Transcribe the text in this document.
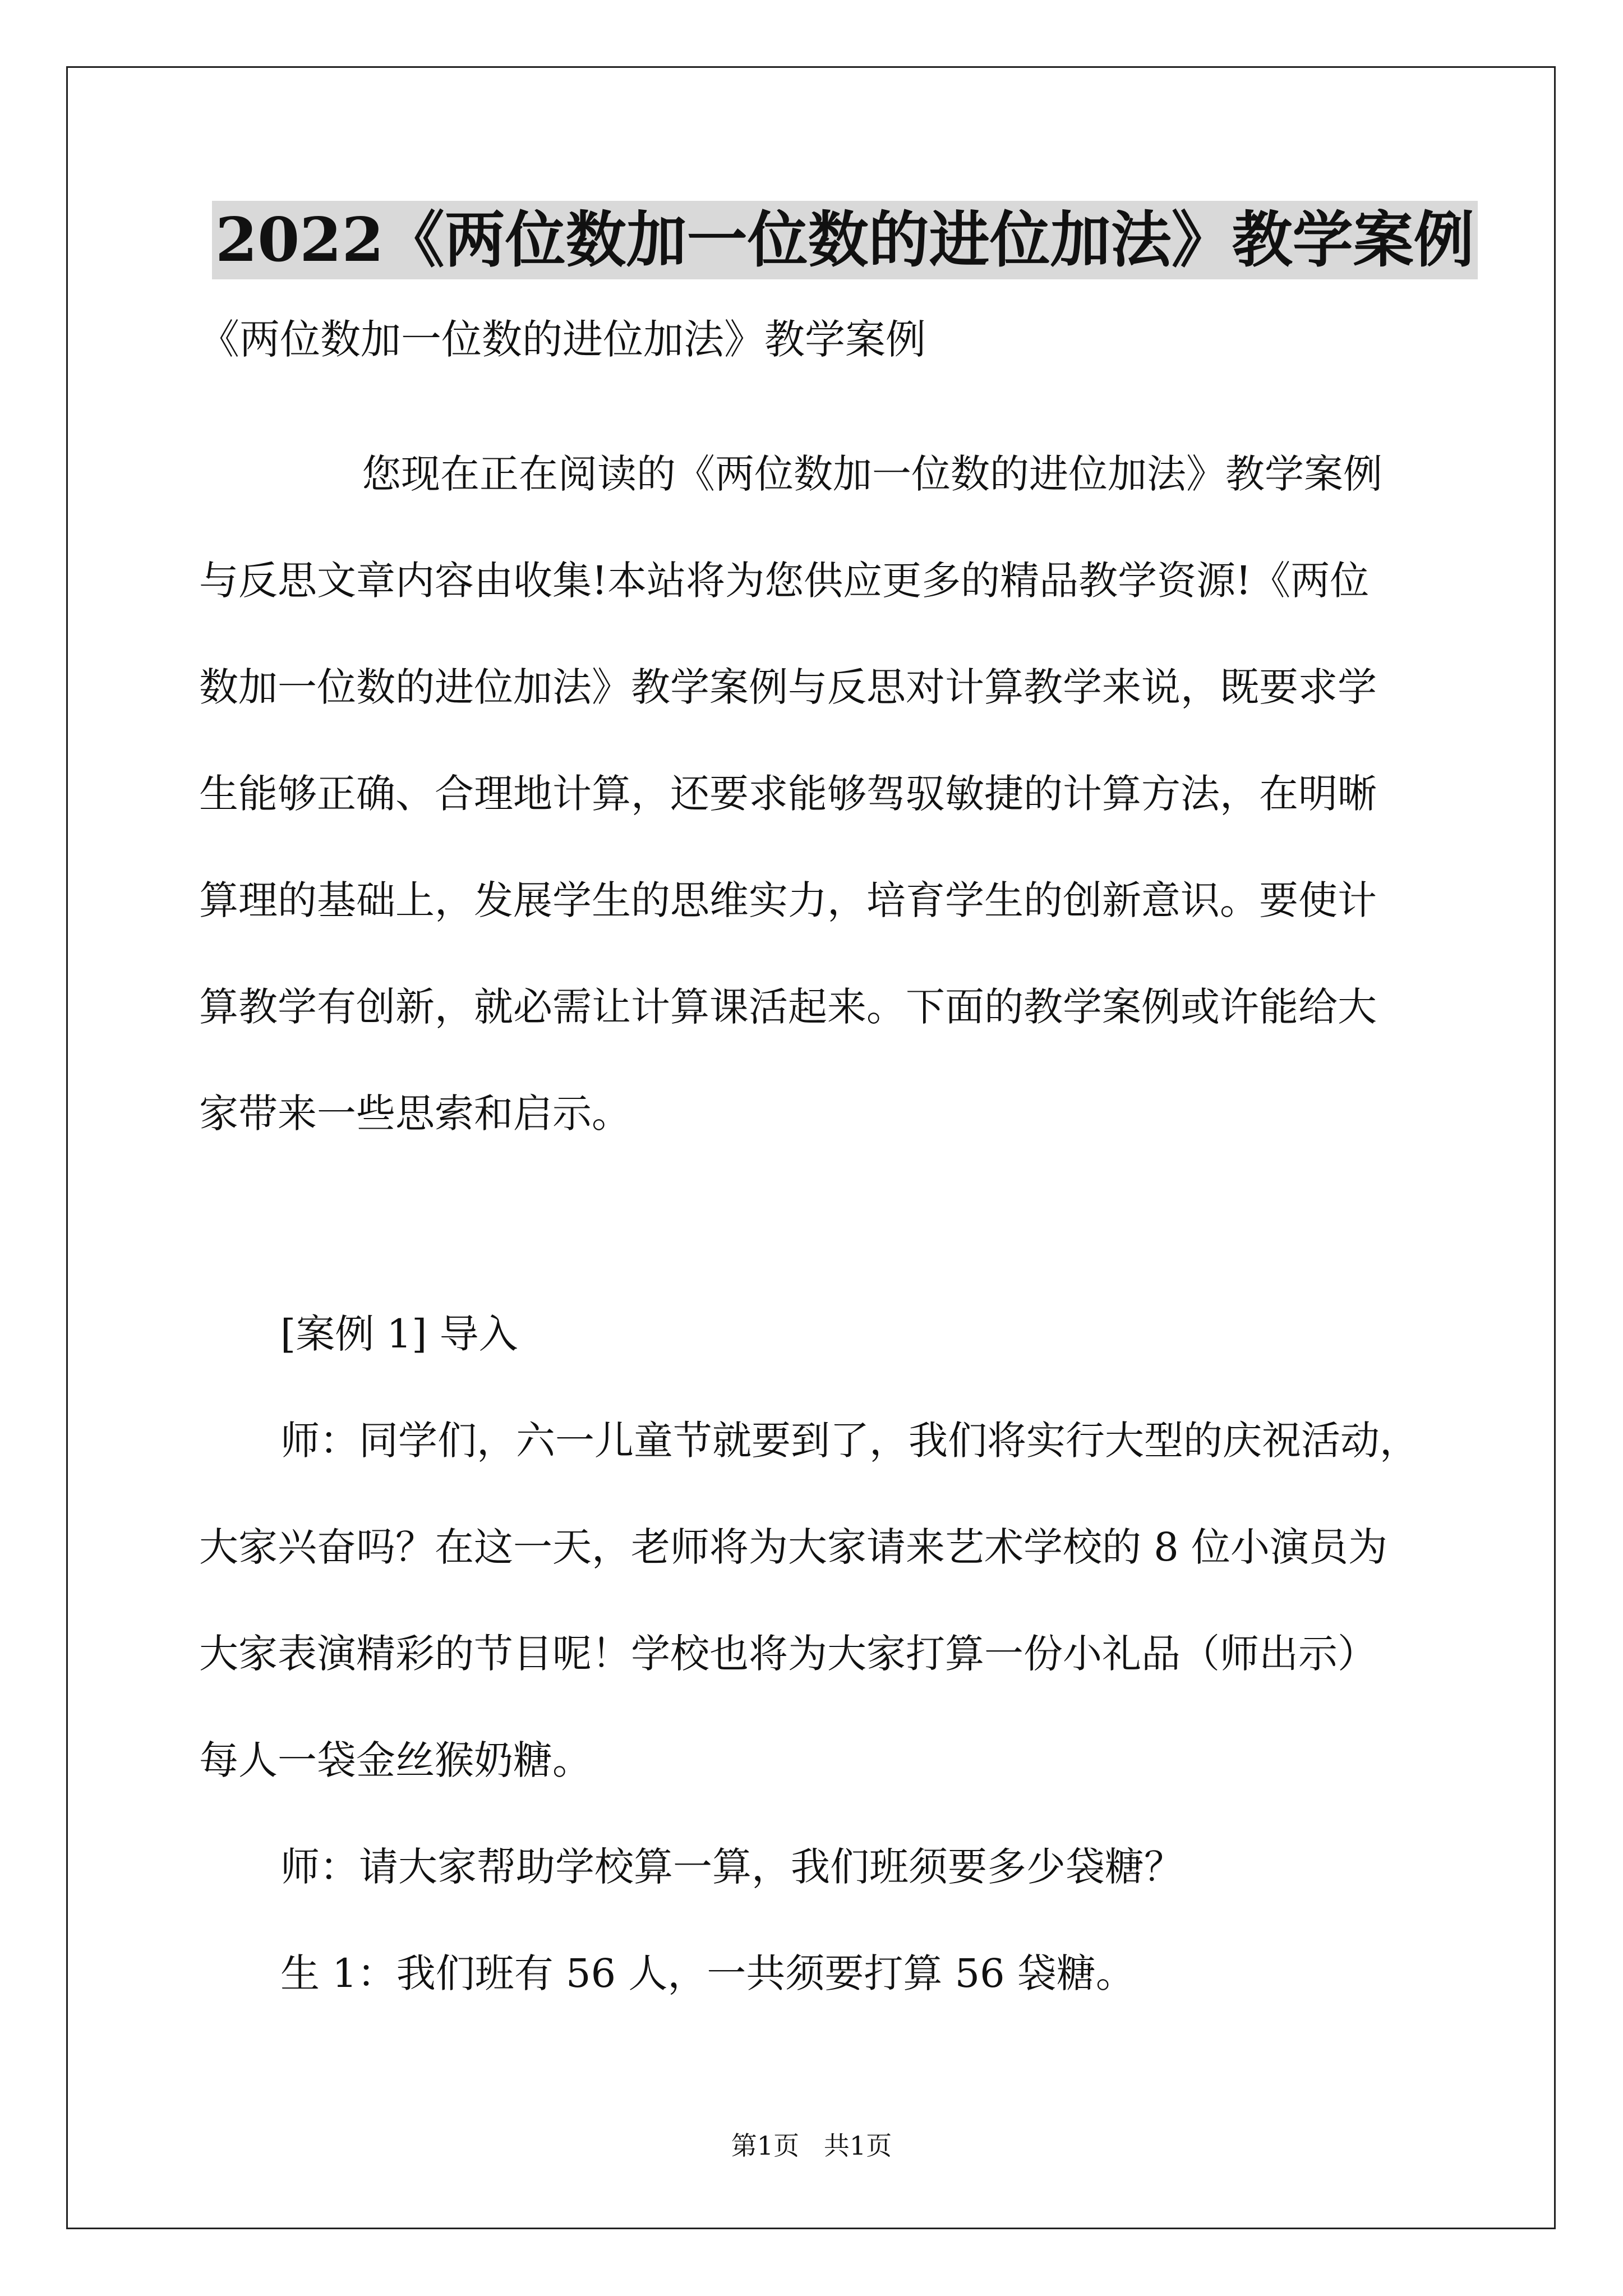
2022《两位数加一位数的进位加法》教学案例
《两位数加一位数的进位加法》教学案例
您现在正在阅读的《两位数加一位数的进位加法》教学案例
与反思文章内容由收集!本站将为您供应更多的精品教学资源!《两位
数加一位数的进位加法》教学案例与反思对计算教学来说，既要求学
生能够正确、合理地计算，还要求能够驾驭敏捷的计算方法，在明晰
算理的基础上，发展学生的思维实力，培育学生的创新意识。要使计
算教学有创新，就必需让计算课活起来。下面的教学案例或许能给大
家带来一些思索和启示。
[案例 1] 导入
师：同学们，六一儿童节就要到了，我们将实行大型的庆祝活动，
大家兴奋吗？在这一天，老师将为大家请来艺术学校的 8 位小演员为
大家表演精彩的节目呢！学校也将为大家打算一份小礼品（师出示）
每人一袋金丝猴奶糖。
师：请大家帮助学校算一算，我们班须要多少袋糖？
生 1：我们班有 56 人，一共须要打算 56 袋糖。
第1页   共1页
